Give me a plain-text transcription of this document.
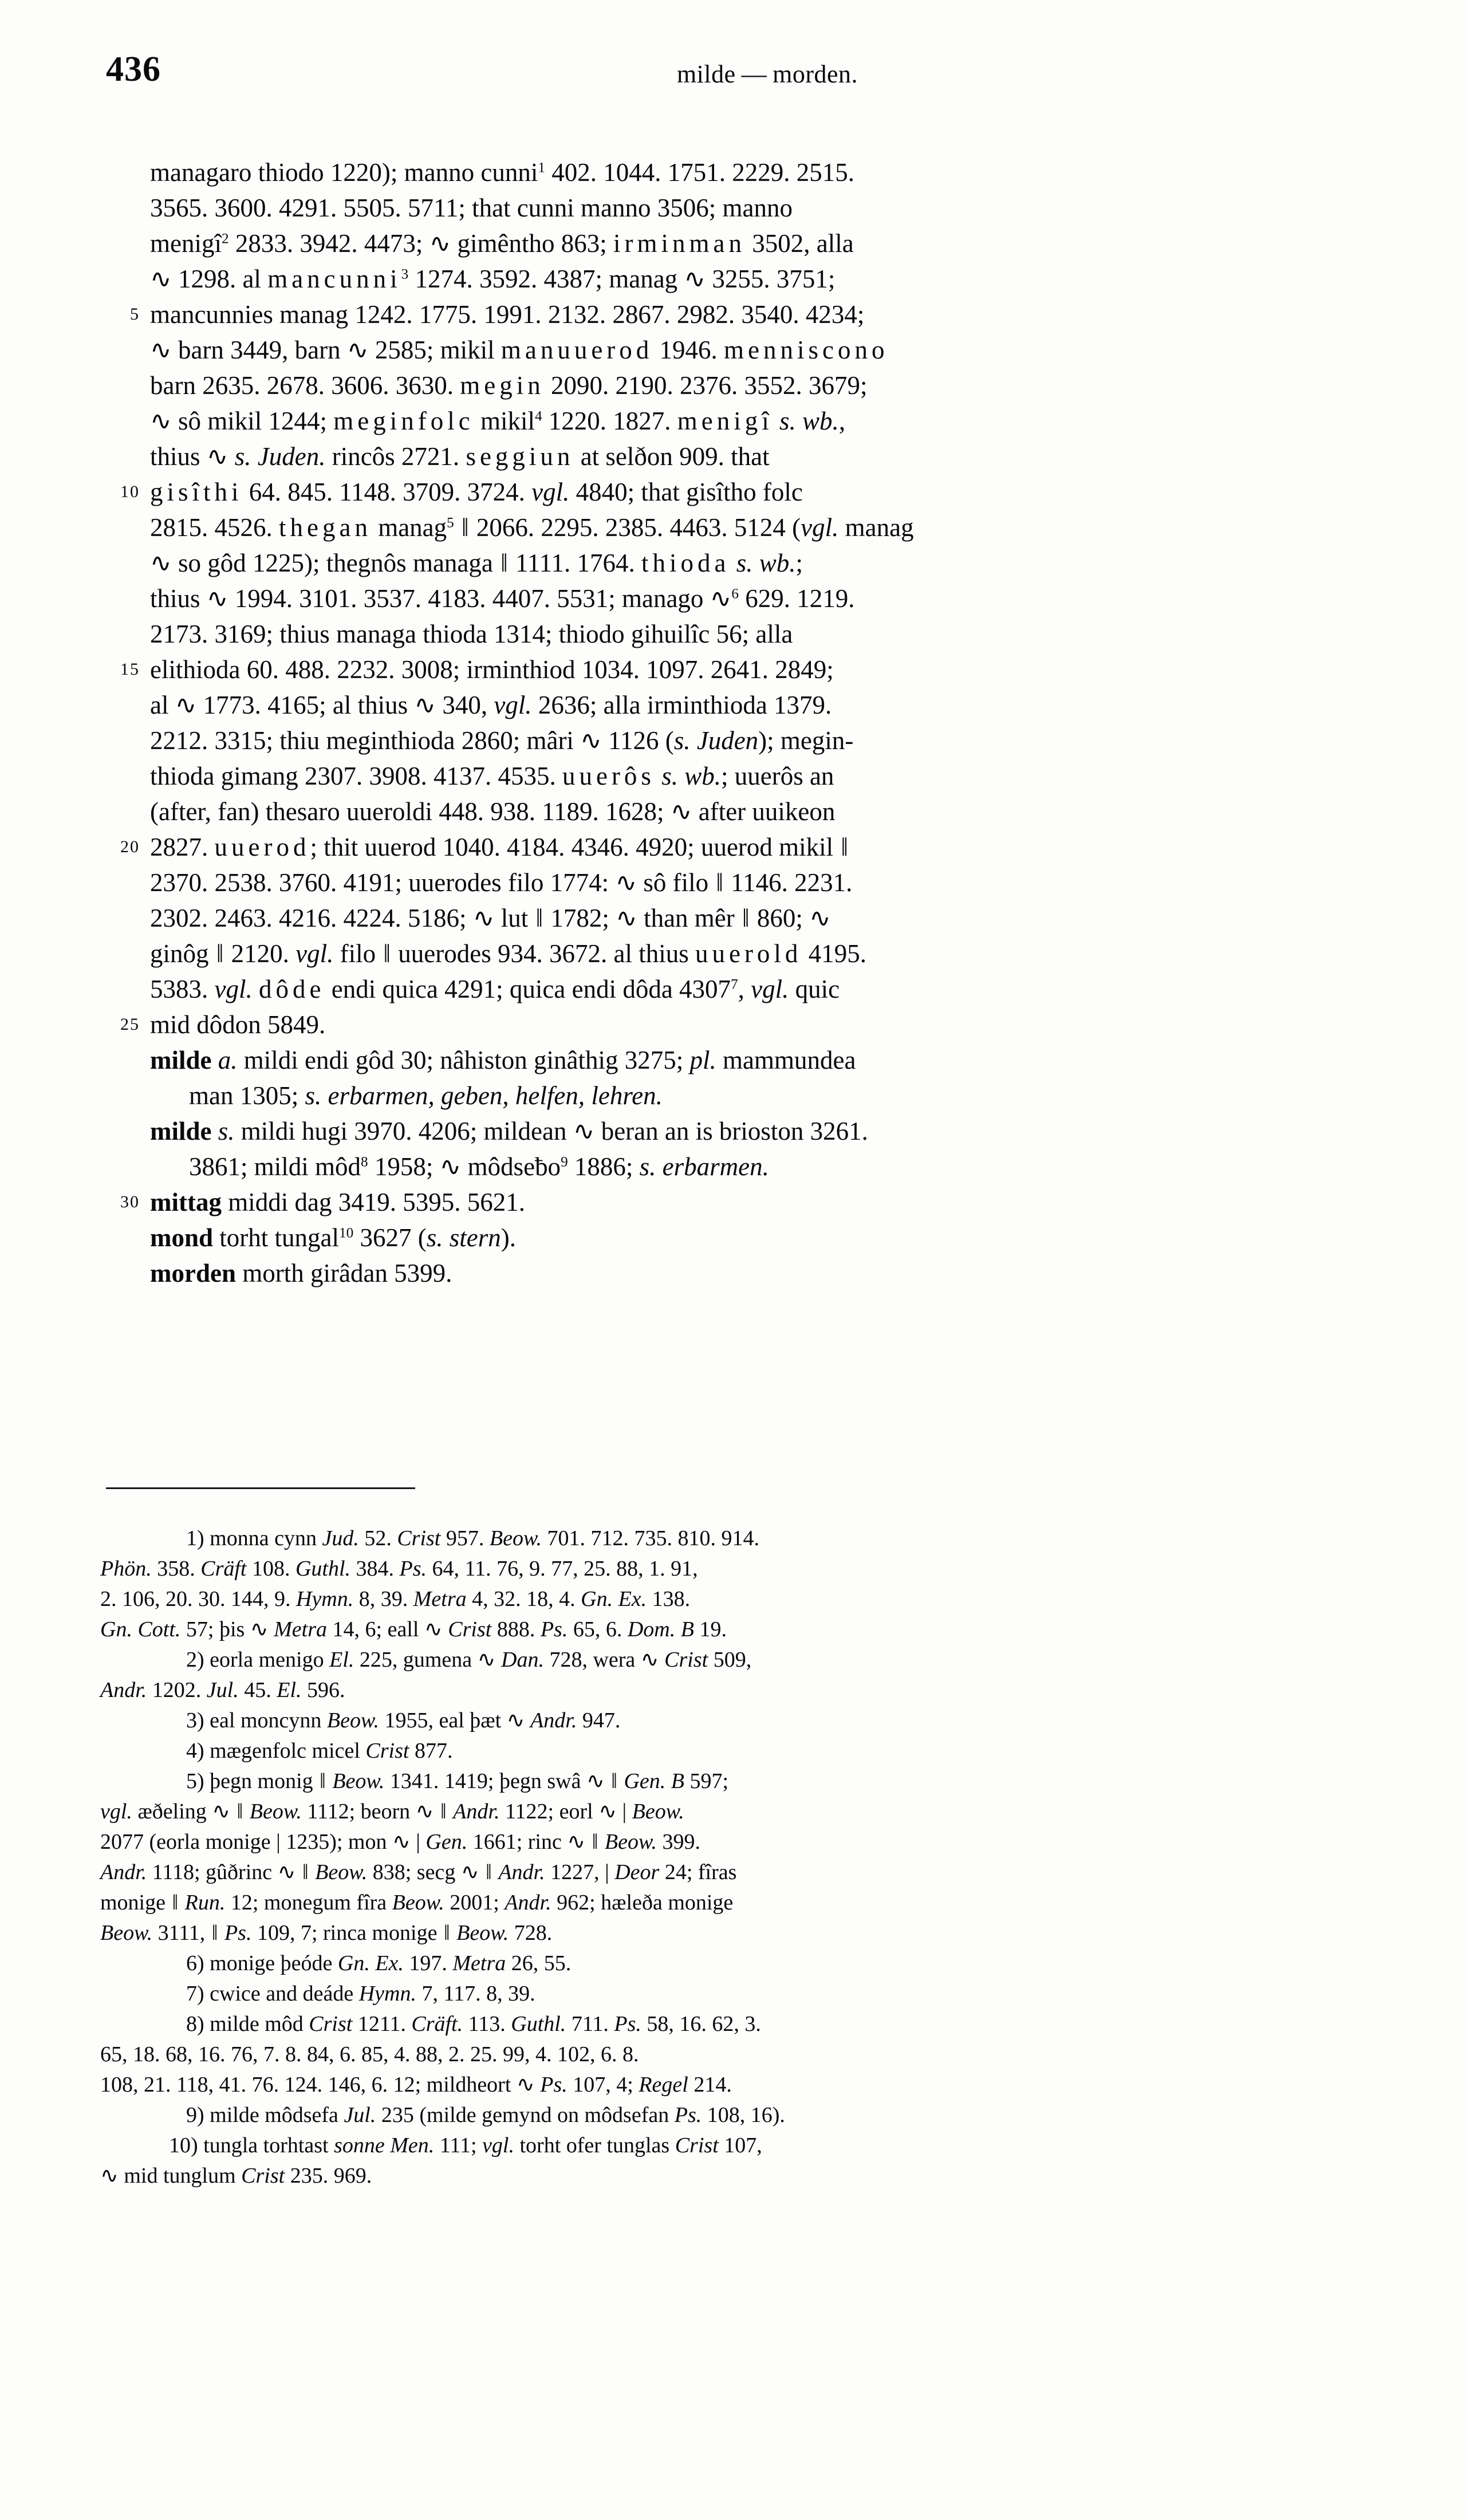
436	milde — morden.
managaro thiodo 1220); manno cunni$^1$ 402. 1044. 1751. 2229. 2515.
3565. 3600. 4291. 5505. 5711; that cunni manno 3506; manno
menigî$^2$ 2833. 3942. 4473; ∿ gimêntho 863; irminman 3502, alla
∿ 1298. al mancunni$^3$ 1274. 3592. 4387; manag ∿ 3255. 3751;
5 mancunnies manag 1242. 1775. 1991. 2132. 2867. 2982. 3540. 4234;
∿ barn 3449, barn ∿ 2585; mikil manuuerod 1946. menniscono
barn 2635. 2678. 3606. 3630. megin 2090. 2190. 2376. 3552. 3679;
∿ sô mikil 1244; meginfolc mikil$^4$ 1220. 1827. menigî s. wb.,
thius ∿ s. Juden. rincôs 2721. seggiun at selðon 909. that
10 gisîthi 64. 845. 1148. 3709. 3724. vgl. 4840; that gisîtho folc
2815. 4526. thegan manag$^5$ ‖ 2066. 2295. 2385. 4463. 5124 (vgl. manag
∿ so gôd 1225); thegnôs managa ‖ 1111. 1764. thioda s. wb.;
thius ∿ 1994. 3101. 3537. 4183. 4407. 5531; manago ∿$^6$ 629. 1219.
2173. 3169; thius managa thioda 1314; thiodo gihuilîc 56; alla
15 elithioda 60. 488. 2232. 3008; irminthiod 1034. 1097. 2641. 2849;
al ∿ 1773. 4165; al thius ∿ 340, vgl. 2636; alla irminthioda 1379.
2212. 3315; thiu meginthioda 2860; mâri ∿ 1126 (s. Juden); megin-
thioda gimang 2307. 3908. 4137. 4535. uuerôs s. wb.; uuerôs an
(after, fan) thesaro uueroldi 448. 938. 1189. 1628; ∿ after uuikeon
20 2827. uuerod; thit uuerod 1040. 4184. 4346. 4920; uuerod mikil ‖
2370. 2538. 3760. 4191; uuerodes filo 1774: ∿ sô filo ‖ 1146. 2231.
2302. 2463. 4216. 4224. 5186; ∿ lut ‖ 1782; ∿ than mêr ‖ 860; ∿
ginôg ‖ 2120. vgl. filo ‖ uuerodes 934. 3672. al thius uuerold 4195.
5383. vgl. dôde endi quica 4291; quica endi dôda 4307$^7$, vgl. quic
25 mid dôdon 5849.
milde a. mildi endi gôd 30; nâhiston ginâthig 3275; pl. mammundea
man 1305; s. erbarmen, geben, helfen, lehren.
milde s. mildi hugi 3970. 4206; mildean ∿ beran an is brioston 3261.
3861; mildi môd$^8$ 1958; ∿ môdseƀo$^9$ 1886; s. erbarmen.
30 mittag middi dag 3419. 5395. 5621.
mond torht tungal$^{10}$ 3627 (s. stern).
morden morth girâdan 5399.
1) monna cynn Jud. 52. Crist 957. Beow. 701. 712. 735. 810. 914.
Phön. 358. Cräft 108. Guthl. 384. Ps. 64, 11. 76, 9. 77, 25. 88, 1. 91,
2. 106, 20. 30. 144, 9. Hymn. 8, 39. Metra 4, 32. 18, 4. Gn. Ex. 138.
Gn. Cott. 57; þis ∿ Metra 14, 6; eall ∿ Crist 888. Ps. 65, 6. Dom. B 19.
2) eorla menigo El. 225, gumena ∿ Dan. 728, wera ∿ Crist 509,
Andr. 1202. Jul. 45. El. 596.
3) eal moncynn Beow. 1955, eal þæt ∿ Andr. 947.
4) mægenfolc micel Crist 877.
5) þegn monig ‖ Beow. 1341. 1419; þegn swâ ∿ ‖ Gen. B 597;
vgl. æðeling ∿ ‖ Beow. 1112; beorn ∿ ‖ Andr. 1122; eorl ∿ | Beow.
2077 (eorla monige | 1235); mon ∿ | Gen. 1661; rinc ∿ ‖ Beow. 399.
Andr. 1118; gûðrinc ∿ ‖ Beow. 838; secg ∿ ‖ Andr. 1227, | Deor 24; fîras
monige ‖ Run. 12; monegum fîra Beow. 2001; Andr. 962; hæleða monige
Beow. 3111, ‖ Ps. 109, 7; rinca monige ‖ Beow. 728.
6) monige þeóde Gn. Ex. 197. Metra 26, 55.
7) cwice and deáde Hymn. 7, 117. 8, 39.
8) milde môd Crist 1211. Cräft. 113. Guthl. 711. Ps. 58, 16. 62, 3.
65, 18. 68, 16. 76, 7. 8. 84, 6. 85, 4. 88, 2. 25. 99, 4. 102, 6. 8.
108, 21. 118, 41. 76. 124. 146, 6. 12; mildheort ∿ Ps. 107, 4; Regel 214.
9) milde môdsefa Jul. 235 (milde gemynd on môdsefan Ps. 108, 16).
10) tungla torhtast sonne Men. 111; vgl. torht ofer tunglas Crist 107,
∿ mid tunglum Crist 235. 969.
